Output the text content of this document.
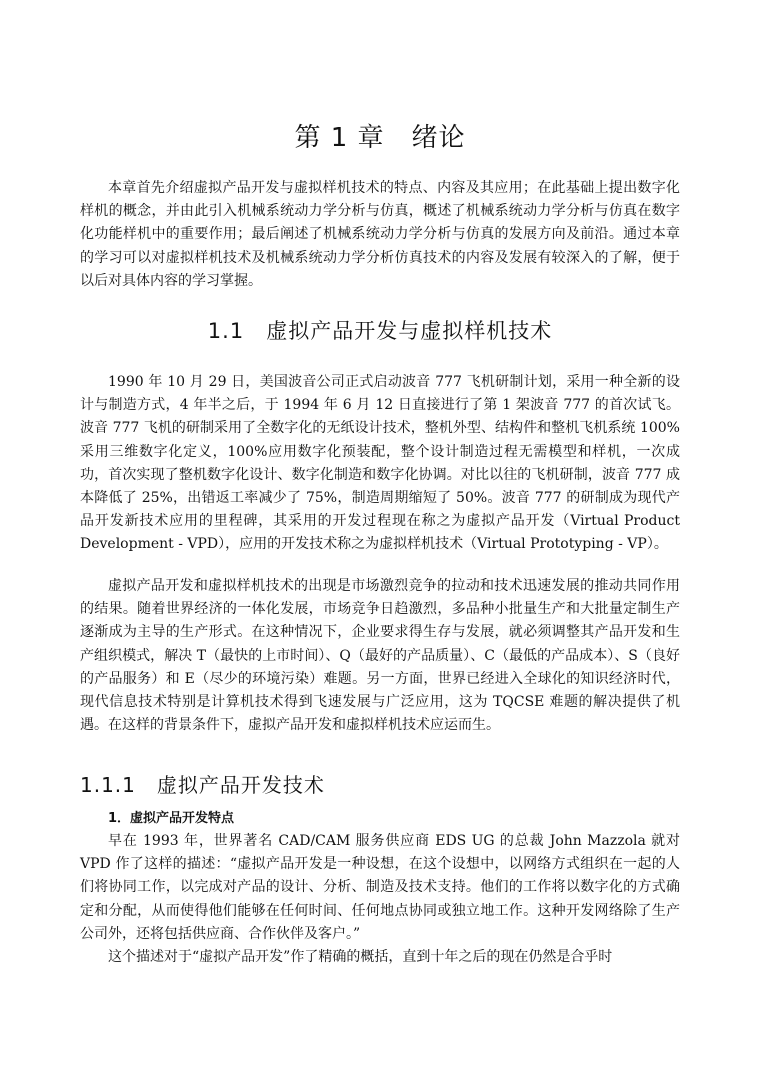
第 1 章　绪论

本章首先介绍虚拟产品开发与虚拟样机技术的特点、内容及其应用；在此基础上提出数字化样机的概念，并由此引入机械系统动力学分析与仿真，概述了机械系统动力学分析与仿真在数字化功能样机中的重要作用；最后阐述了机械系统动力学分析与仿真的发展方向及前沿。通过本章的学习可以对虚拟样机技术及机械系统动力学分析仿真技术的内容及发展有较深入的了解，便于以后对具体内容的学习掌握。

1.1　虚拟产品开发与虚拟样机技术

1990 年 10 月 29 日，美国波音公司正式启动波音 777 飞机研制计划，采用一种全新的设计与制造方式，4 年半之后，于 1994 年 6 月 12 日直接进行了第 1 架波音 777 的首次试飞。波音 777 飞机的研制采用了全数字化的无纸设计技术，整机外型、结构件和整机飞机系统 100%采用三维数字化定义，100%应用数字化预装配，整个设计制造过程无需模型和样机，一次成功，首次实现了整机数字化设计、数字化制造和数字化协调。对比以往的飞机研制，波音 777 成本降低了 25%，出错返工率减少了 75%，制造周期缩短了 50%。波音 777 的研制成为现代产品开发新技术应用的里程碑，其采用的开发过程现在称之为虚拟产品开发（Virtual Product Development - VPD），应用的开发技术称之为虚拟样机技术（Virtual Prototyping - VP）。

虚拟产品开发和虚拟样机技术的出现是市场激烈竞争的拉动和技术迅速发展的推动共同作用的结果。随着世界经济的一体化发展，市场竞争日趋激烈，多品种小批量生产和大批量定制生产逐渐成为主导的生产形式。在这种情况下，企业要求得生存与发展，就必须调整其产品开发和生产组织模式，解决 T（最快的上市时间）、Q（最好的产品质量）、C（最低的产品成本）、S（良好的产品服务）和 E（尽少的环境污染）难题。另一方面，世界已经进入全球化的知识经济时代，现代信息技术特别是计算机技术得到飞速发展与广泛应用，这为 TQCSE 难题的解决提供了机遇。在这样的背景条件下，虚拟产品开发和虚拟样机技术应运而生。

1.1.1　虚拟产品开发技术
1．虚拟产品开发特点

早在 1993 年，世界著名 CAD/CAM 服务供应商 EDS UG 的总裁 John Mazzola 就对 VPD 作了这样的描述：“虚拟产品开发是一种设想，在这个设想中，以网络方式组织在一起的人们将协同工作，以完成对产品的设计、分析、制造及技术支持。他们的工作将以数字化的方式确定和分配，从而使得他们能够在任何时间、任何地点协同或独立地工作。这种开发网络除了生产公司外，还将包括供应商、合作伙伴及客户。”

这个描述对于“虚拟产品开发”作了精确的概括，直到十年之后的现在仍然是合乎时
